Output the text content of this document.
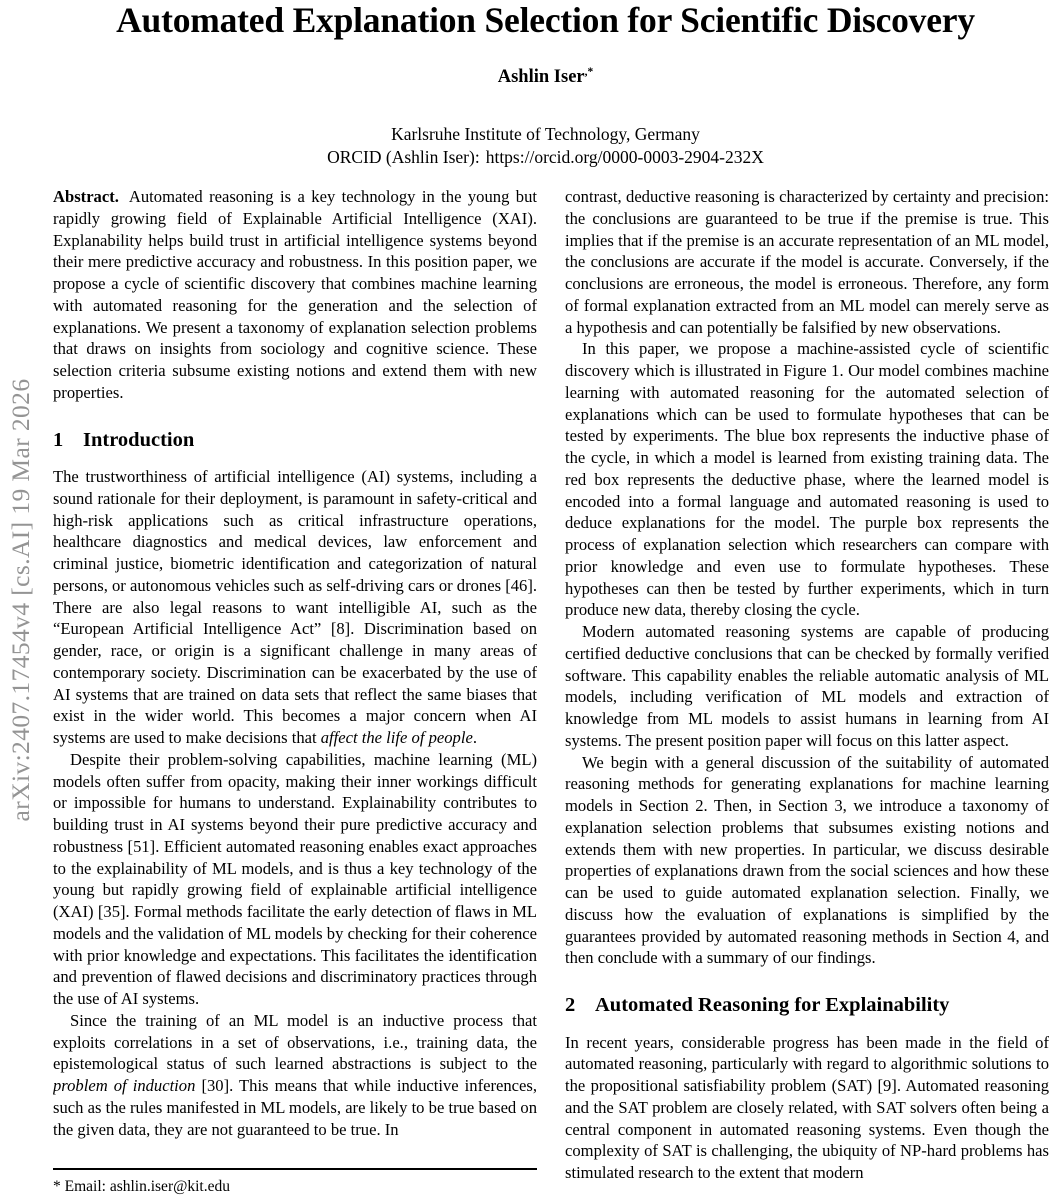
arXiv:2407.17454v4 [cs.AI] 19 Mar 2026
Automated Explanation Selection for Scientific Discovery
Ashlin Iser,*
Karlsruhe Institute of Technology, Germany
ORCID (Ashlin Iser): https://orcid.org/0000-0003-2904-232X

Abstract. Automated reasoning is a key technology in the young but rapidly growing field of Explainable Artificial Intelligence (XAI). Explanability helps build trust in artificial intelligence systems beyond their mere predictive accuracy and robustness. In this position paper, we propose a cycle of scientific discovery that combines machine learning with automated reasoning for the generation and the selection of explanations. We present a taxonomy of explanation selection problems that draws on insights from sociology and cognitive science. These selection criteria subsume existing notions and extend them with new properties.

1 Introduction

The trustworthiness of artificial intelligence (AI) systems, including a sound rationale for their deployment, is paramount in safety-critical and high-risk applications such as critical infrastructure operations, healthcare diagnostics and medical devices, law enforcement and criminal justice, biometric identification and categorization of natural persons, or autonomous vehicles such as self-driving cars or drones [46]. There are also legal reasons to want intelligible AI, such as the “European Artificial Intelligence Act” [8]. Discrimination based on gender, race, or origin is a significant challenge in many areas of contemporary society. Discrimination can be exacerbated by the use of AI systems that are trained on data sets that reflect the same biases that exist in the wider world. This becomes a major concern when AI systems are used to make decisions that affect the life of people.

Despite their problem-solving capabilities, machine learning (ML) models often suffer from opacity, making their inner workings difficult or impossible for humans to understand. Explainability contributes to building trust in AI systems beyond their pure predictive accuracy and robustness [51]. Efficient automated reasoning enables exact approaches to the explainability of ML models, and is thus a key technology of the young but rapidly growing field of explainable artificial intelligence (XAI) [35]. Formal methods facilitate the early detection of flaws in ML models and the validation of ML models by checking for their coherence with prior knowledge and expectations. This facilitates the identification and prevention of flawed decisions and discriminatory practices through the use of AI systems.

Since the training of an ML model is an inductive process that exploits correlations in a set of observations, i.e., training data, the epistemological status of such learned abstractions is subject to the problem of induction [30]. This means that while inductive inferences, such as the rules manifested in ML models, are likely to be true based on the given data, they are not guaranteed to be true. In

contrast, deductive reasoning is characterized by certainty and precision: the conclusions are guaranteed to be true if the premise is true. This implies that if the premise is an accurate representation of an ML model, the conclusions are accurate if the model is accurate. Conversely, if the conclusions are erroneous, the model is erroneous. Therefore, any form of formal explanation extracted from an ML model can merely serve as a hypothesis and can potentially be falsified by new observations.

In this paper, we propose a machine-assisted cycle of scientific discovery which is illustrated in Figure 1. Our model combines machine learning with automated reasoning for the automated selection of explanations which can be used to formulate hypotheses that can be tested by experiments. The blue box represents the inductive phase of the cycle, in which a model is learned from existing training data. The red box represents the deductive phase, where the learned model is encoded into a formal language and automated reasoning is used to deduce explanations for the model. The purple box represents the process of explanation selection which researchers can compare with prior knowledge and even use to formulate hypotheses. These hypotheses can then be tested by further experiments, which in turn produce new data, thereby closing the cycle.

Modern automated reasoning systems are capable of producing certified deductive conclusions that can be checked by formally verified software. This capability enables the reliable automatic analysis of ML models, including verification of ML models and extraction of knowledge from ML models to assist humans in learning from AI systems. The present position paper will focus on this latter aspect.

We begin with a general discussion of the suitability of automated reasoning methods for generating explanations for machine learning models in Section 2. Then, in Section 3, we introduce a taxonomy of explanation selection problems that subsumes existing notions and extends them with new properties. In particular, we discuss desirable properties of explanations drawn from the social sciences and how these can be used to guide automated explanation selection. Finally, we discuss how the evaluation of explanations is simplified by the guarantees provided by automated reasoning methods in Section 4, and then conclude with a summary of our findings.

2 Automated Reasoning for Explainability

In recent years, considerable progress has been made in the field of automated reasoning, particularly with regard to algorithmic solutions to the propositional satisfiability problem (SAT) [9]. Automated reasoning and the SAT problem are closely related, with SAT solvers often being a central component in automated reasoning systems. Even though the complexity of SAT is challenging, the ubiquity of NP-hard problems has stimulated research to the extent that modern

* Email: ashlin.iser@kit.edu
